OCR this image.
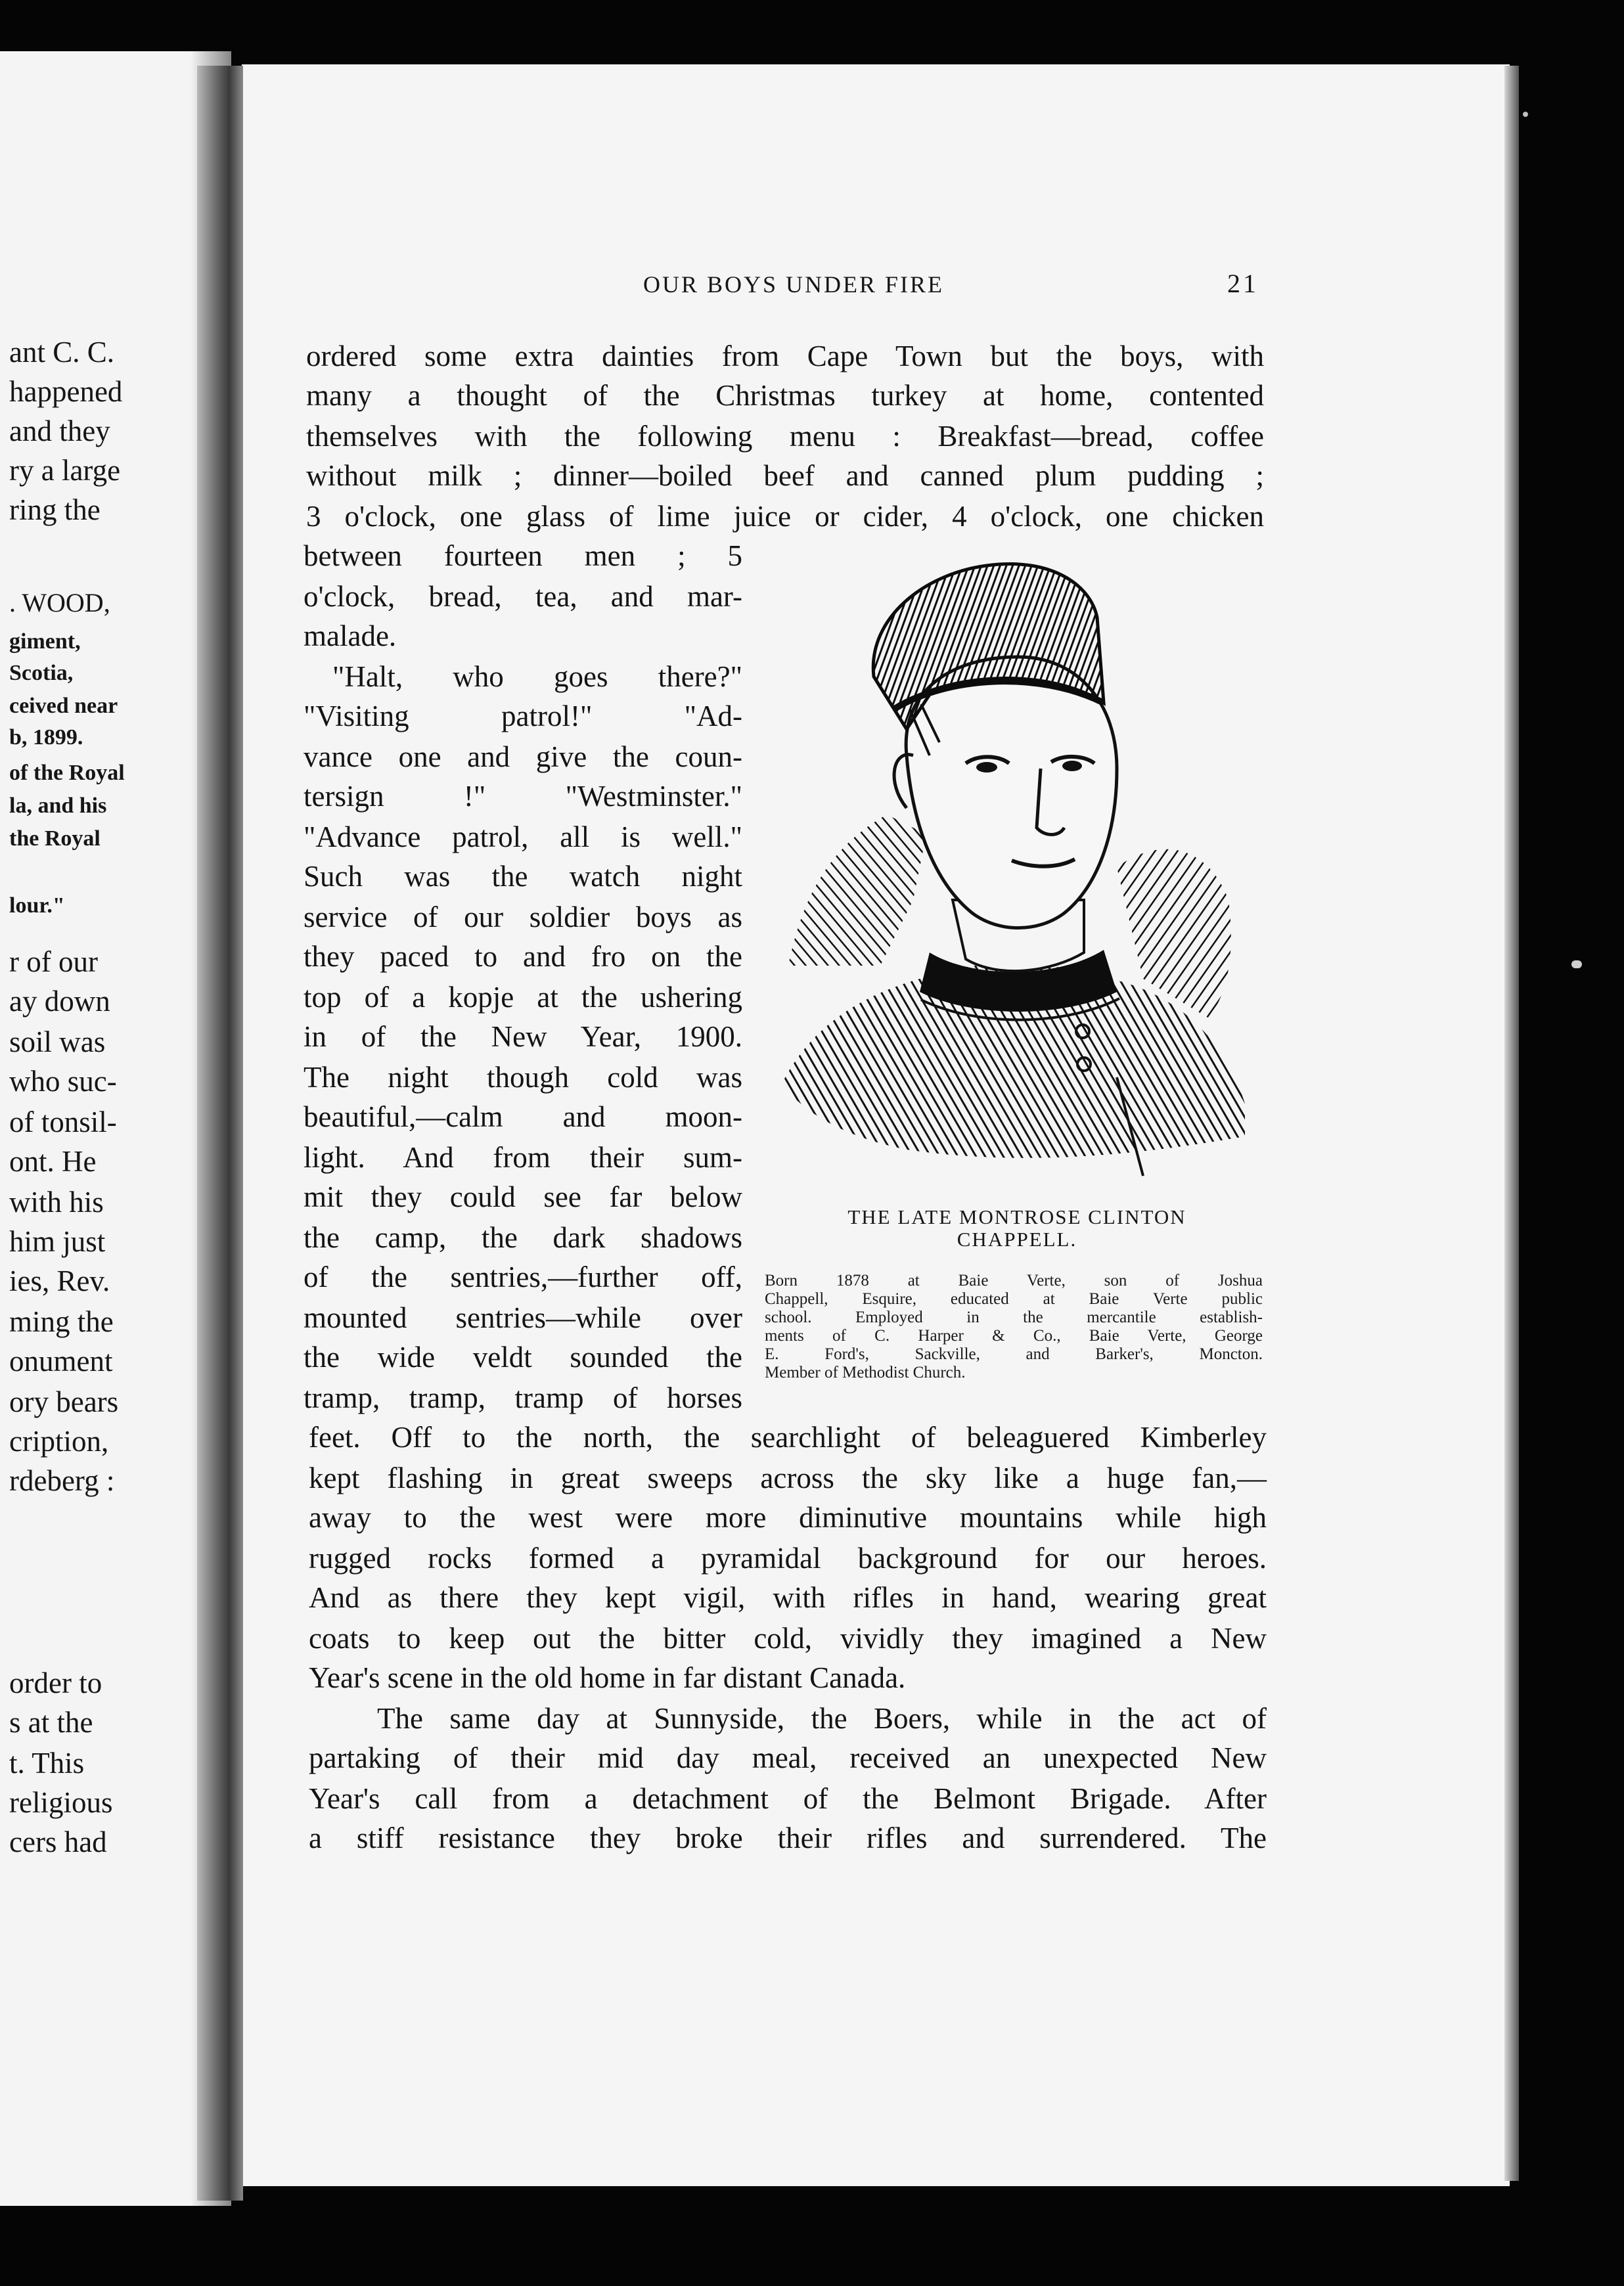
ant C. C.
happened
and they
ry a large
ring the
. WOOD,
giment,
Scotia,
ceived near
b, 1899.
of the Royal
la, and his
the Royal
lour."
r of our
ay down
soil was
who suc-
of tonsil-
ont. He
with his
him just
ies, Rev.
ming the
onument
ory bears
cription,
rdeberg :
order to
s at the
t. This
religious
cers had
OUR BOYS UNDER FIRE	21
ordered some extra dainties from Cape Town but the boys, with
many a thought of the Christmas turkey at home, contented
themselves with the following menu : Breakfast—bread, coffee
without milk ; dinner—boiled beef and canned plum pudding ;
3 o'clock, one glass of lime juice or cider, 4 o'clock, one chicken
between fourteen men ; 5
o'clock, bread, tea, and mar-
malade.
"Halt, who goes there?"
"Visiting patrol!" "Ad-
vance one and give the coun-
tersign !" "Westminster."
"Advance patrol, all is well."
Such was the watch night
service of our soldier boys as
they paced to and fro on the
top of a kopje at the ushering
in of the New Year, 1900.
The night though cold was
beautiful,—calm and moon-
light. And from their sum-
mit they could see far below
the camp, the dark shadows
of the sentries,—further off,
mounted sentries—while over
the wide veldt sounded the
tramp, tramp, tramp of horses
feet. Off to the north, the searchlight of beleaguered Kimberley
kept flashing in great sweeps across the sky like a huge fan,—
away to the west were more diminutive mountains while high
rugged rocks formed a pyramidal background for our heroes.
And as there they kept vigil, with rifles in hand, wearing great
coats to keep out the bitter cold, vividly they imagined a New
Year's scene in the old home in far distant Canada.
The same day at Sunnyside, the Boers, while in the act of
partaking of their mid day meal, received an unexpected New
Year's call from a detachment of the Belmont Brigade. After
a stiff resistance they broke their rifles and surrendered. The
THE LATE MONTROSE CLINTON
CHAPPELL.
Born 1878 at Baie Verte, son of Joshua
Chappell, Esquire, educated at Baie Verte public
school. Employed in the mercantile establish-
ments of C. Harper & Co., Baie Verte, George
E. Ford's, Sackville, and Barker's, Moncton.
Member of Methodist Church.
